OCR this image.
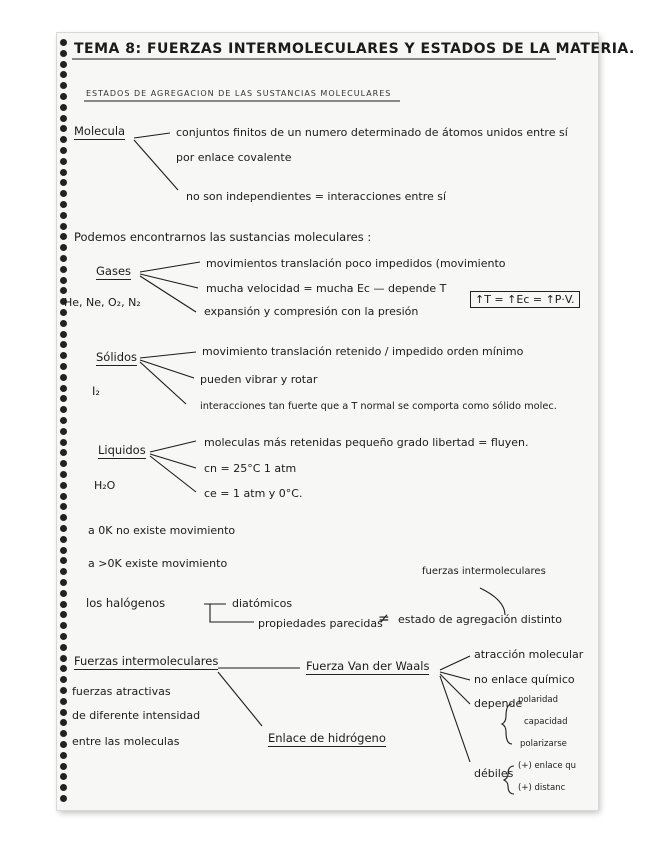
TEMA 8: FUERZAS INTERMOLECULARES Y ESTADOS DE LA MATERIA.
ESTADOS DE AGREGACION DE LAS SUSTANCIAS MOLECULARES
Molecula	conjuntos finitos de un numero determinado de átomos unidos entre sí
por enlace covalente
no son independientes = interacciones entre sí
Podemos encontrarnos las sustancias moleculares :
Gases
He, Ne, O₂, N₂
movimientos translación poco impedidos (movimiento
mucha velocidad = mucha Ec — depende T
↑T = ↑Ec = ↑P·V.
expansión y compresión con la presión
Sólidos
I₂
movimiento translación retenido / impedido orden mínimo
pueden vibrar y rotar
interacciones tan fuerte que a T normal se comporta como sólido molec.
Liquidos
H₂O
moleculas más retenidas pequeño grado libertad = fluyen.
cn = 25°C 1 atm
ce = 1 atm y 0°C.
a 0K no existe movimiento
a >0K existe movimiento
fuerzas intermoleculares
los halógenos	diatómicos
propiedades parecidas
≠ estado de agregación distinto
Fuerzas intermoleculares
fuerzas atractivas
de diferente intensidad
entre las moleculas
Fuerza Van der Waals
Enlace de hidrógeno
atracción molecular
no enlace químico
depende
polaridad
capacidad
polarizarse
débiles
(+) enlace qu
(+) distanc
